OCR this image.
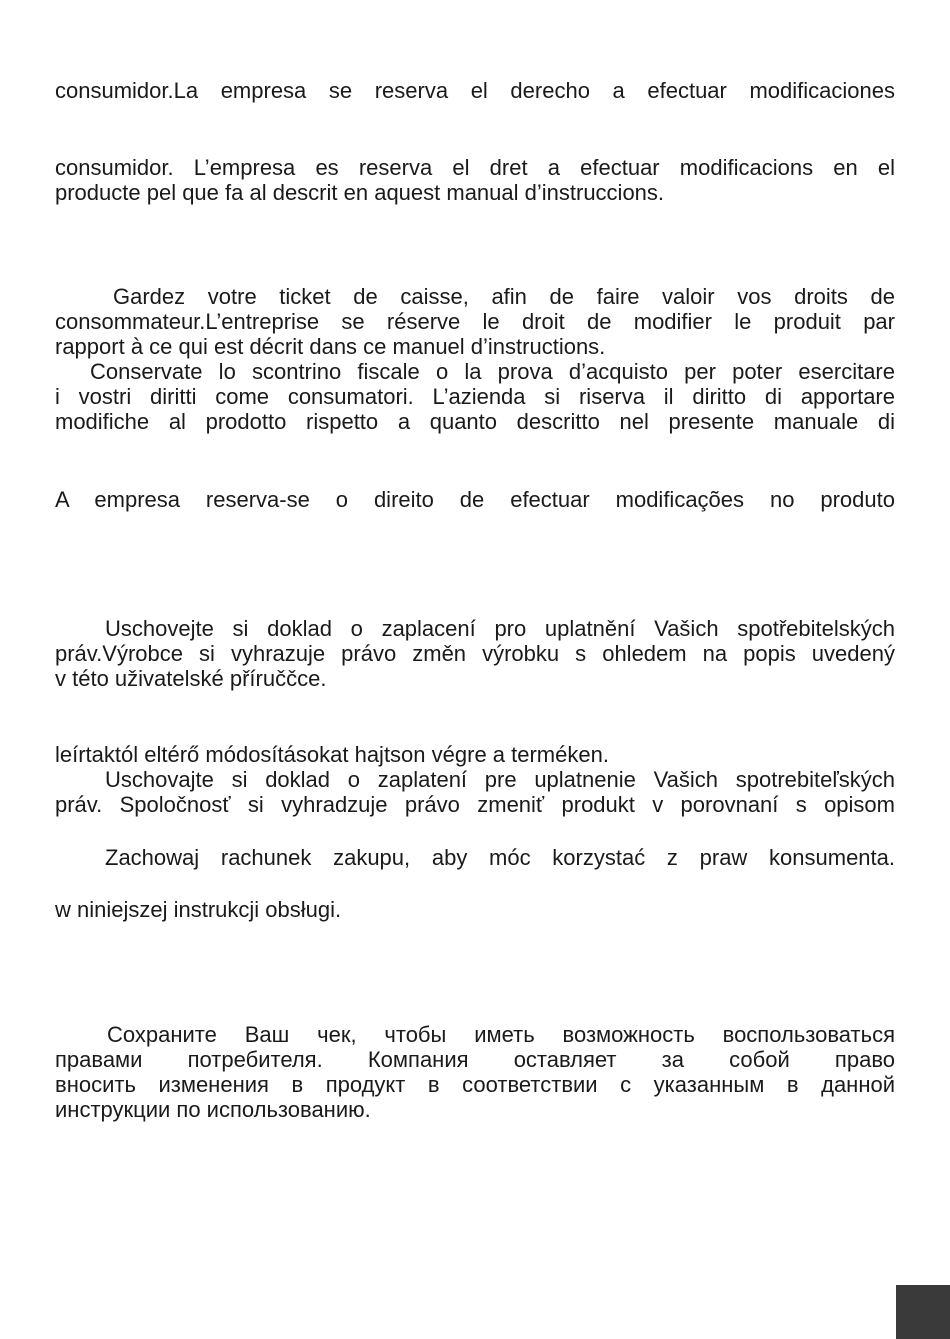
consumidor.La empresa se reserva el derecho a efectuar modificaciones

consumidor. L’empresa es reserva el dret a efectuar modificacions en el

producte pel que fa al descrit en aquest manual d’instruccions.

Gardez votre ticket de caisse, afin de faire valoir vos droits de

consommateur.L’entreprise se réserve le droit de modifier le produit par

rapport à ce qui est décrit dans ce manuel d’instructions.

Conservate lo scontrino fiscale o la prova d’acquisto per poter esercitare

i vostri diritti come consumatori. L’azienda si riserva il diritto di apportare

modifiche al prodotto rispetto a quanto descritto nel presente manuale di

A empresa reserva-se o direito de efectuar modificações no produto

Uschovejte si doklad o zaplacení pro uplatnění Vašich spotřebitelských

práv.Výrobce si vyhrazuje právo změn výrobku s ohledem na popis uvedený

v této uživatelské příruččce.

leírtaktól eltérő módosításokat hajtson végre a terméken.

Uschovajte si doklad o zaplatení pre uplatnenie Vašich spotrebiteľských

práv. Spoločnosť si vyhradzuje právo zmeniť produkt v porovnaní s opisom

Zachowaj rachunek zakupu, aby móc korzystać z praw konsumenta.

w niniejszej instrukcji obsługi.

Сохраните Ваш чек, чтобы иметь возможность воспользоваться

правами потребителя. Компания оставляет за собой право

вносить изменения в продукт в соответствии с указанным в данной

инструкции по использованию.
